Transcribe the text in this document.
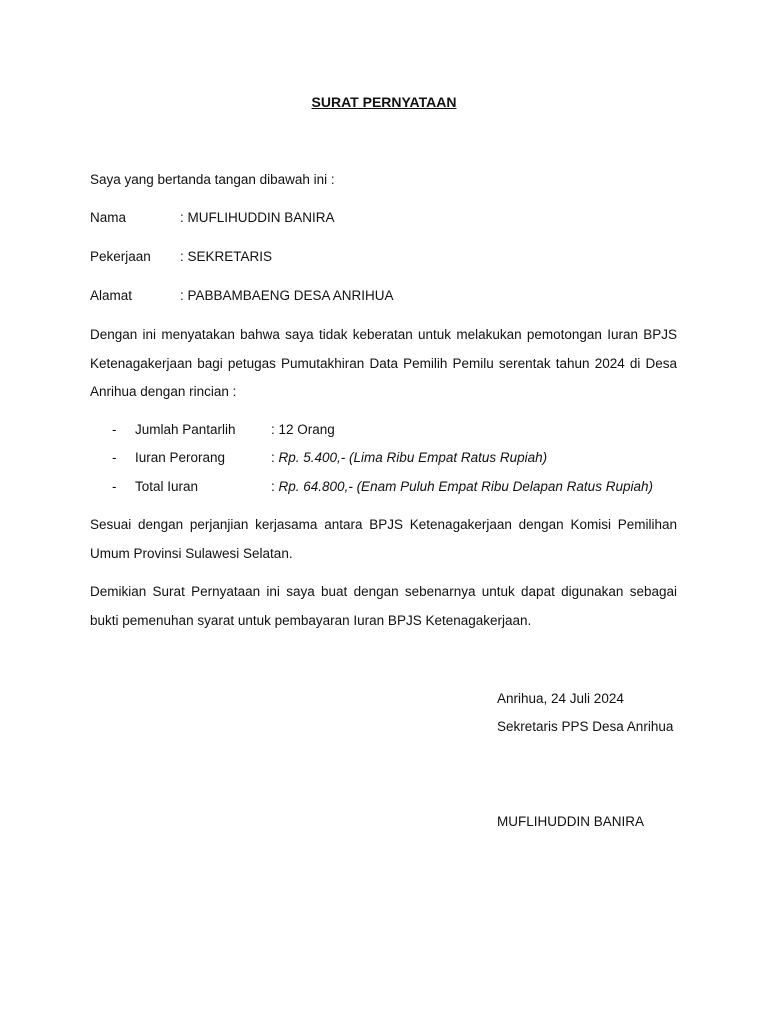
SURAT PERNYATAAN
Saya yang bertanda tangan dibawah ini :
Nama	: MUFLIHUDDIN BANIRA
Pekerjaan : SEKRETARIS
Alamat	: PABBAMBAENG DESA ANRIHUA
Dengan ini menyatakan bahwa saya tidak keberatan untuk melakukan pemotongan Iuran BPJS
Ketenagakerjaan bagi petugas Pumutakhiran Data Pemilih Pemilu serentak tahun 2024 di Desa
Anrihua dengan rincian :
- Jumlah Pantarlih	: 12 Orang
- Iuran Perorang	: Rp. 5.400,- (Lima Ribu Empat Ratus Rupiah)
- Total Iuran	: Rp. 64.800,- (Enam Puluh Empat Ribu Delapan Ratus Rupiah)
Sesuai dengan perjanjian kerjasama antara BPJS Ketenagakerjaan dengan Komisi Pemilihan
Umum Provinsi Sulawesi Selatan.
Demikian Surat Pernyataan ini saya buat dengan sebenarnya untuk dapat digunakan sebagai
bukti pemenuhan syarat untuk pembayaran Iuran BPJS Ketenagakerjaan.
Anrihua, 24 Juli 2024
Sekretaris PPS Desa Anrihua
MUFLIHUDDIN BANIRA
